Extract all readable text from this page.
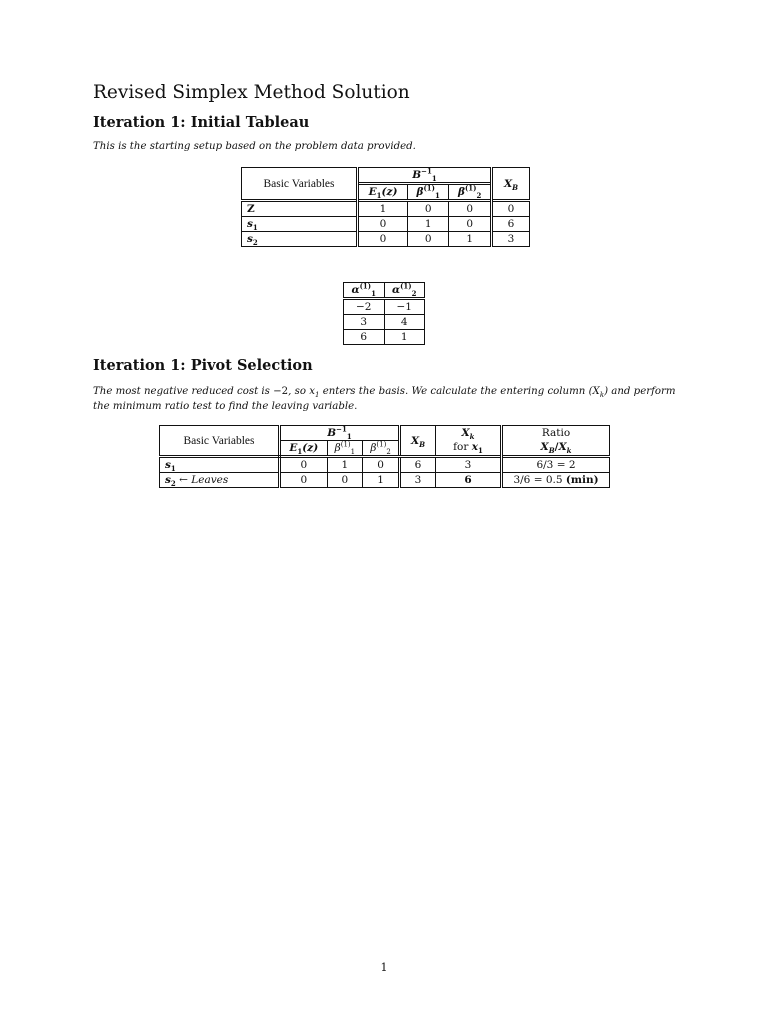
Revised Simplex Method Solution
Iteration 1: Initial Tableau

This is the starting setup based on the problem data provided.

Basic Variables	$B^{-1}_1$			$X_B$
	$E_1(z)$	$\beta^{(1)}_1$	$\beta^{(1)}_2$
Z	1	0	0	0
$s_1$	0	1	0	6
$s_2$	0	0	1	3
$\alpha^{(1)}_1$	$\alpha^{(1)}_2$
−2	−1
3	4
6	1
Iteration 1: Pivot Selection

The most negative reduced cost is −2, so $x_1$ enters the basis. We calculate the entering column $(X_k)$ and perform the minimum ratio test to find the leaving variable.

Basic Variables	$B^{-1}_1$			$X_B$	$X_k$	Ratio
	$E_1(z)$	$\beta^{(1)}_1$	$\beta^{(1)}_2$		for $x_1$	$X_B/X_k$
$s_1$	0	1	0	6	3	6/3 = 2
$s_2$ ← Leaves	0	0	1	3	6	3/6 = 0.5 (min)
1
